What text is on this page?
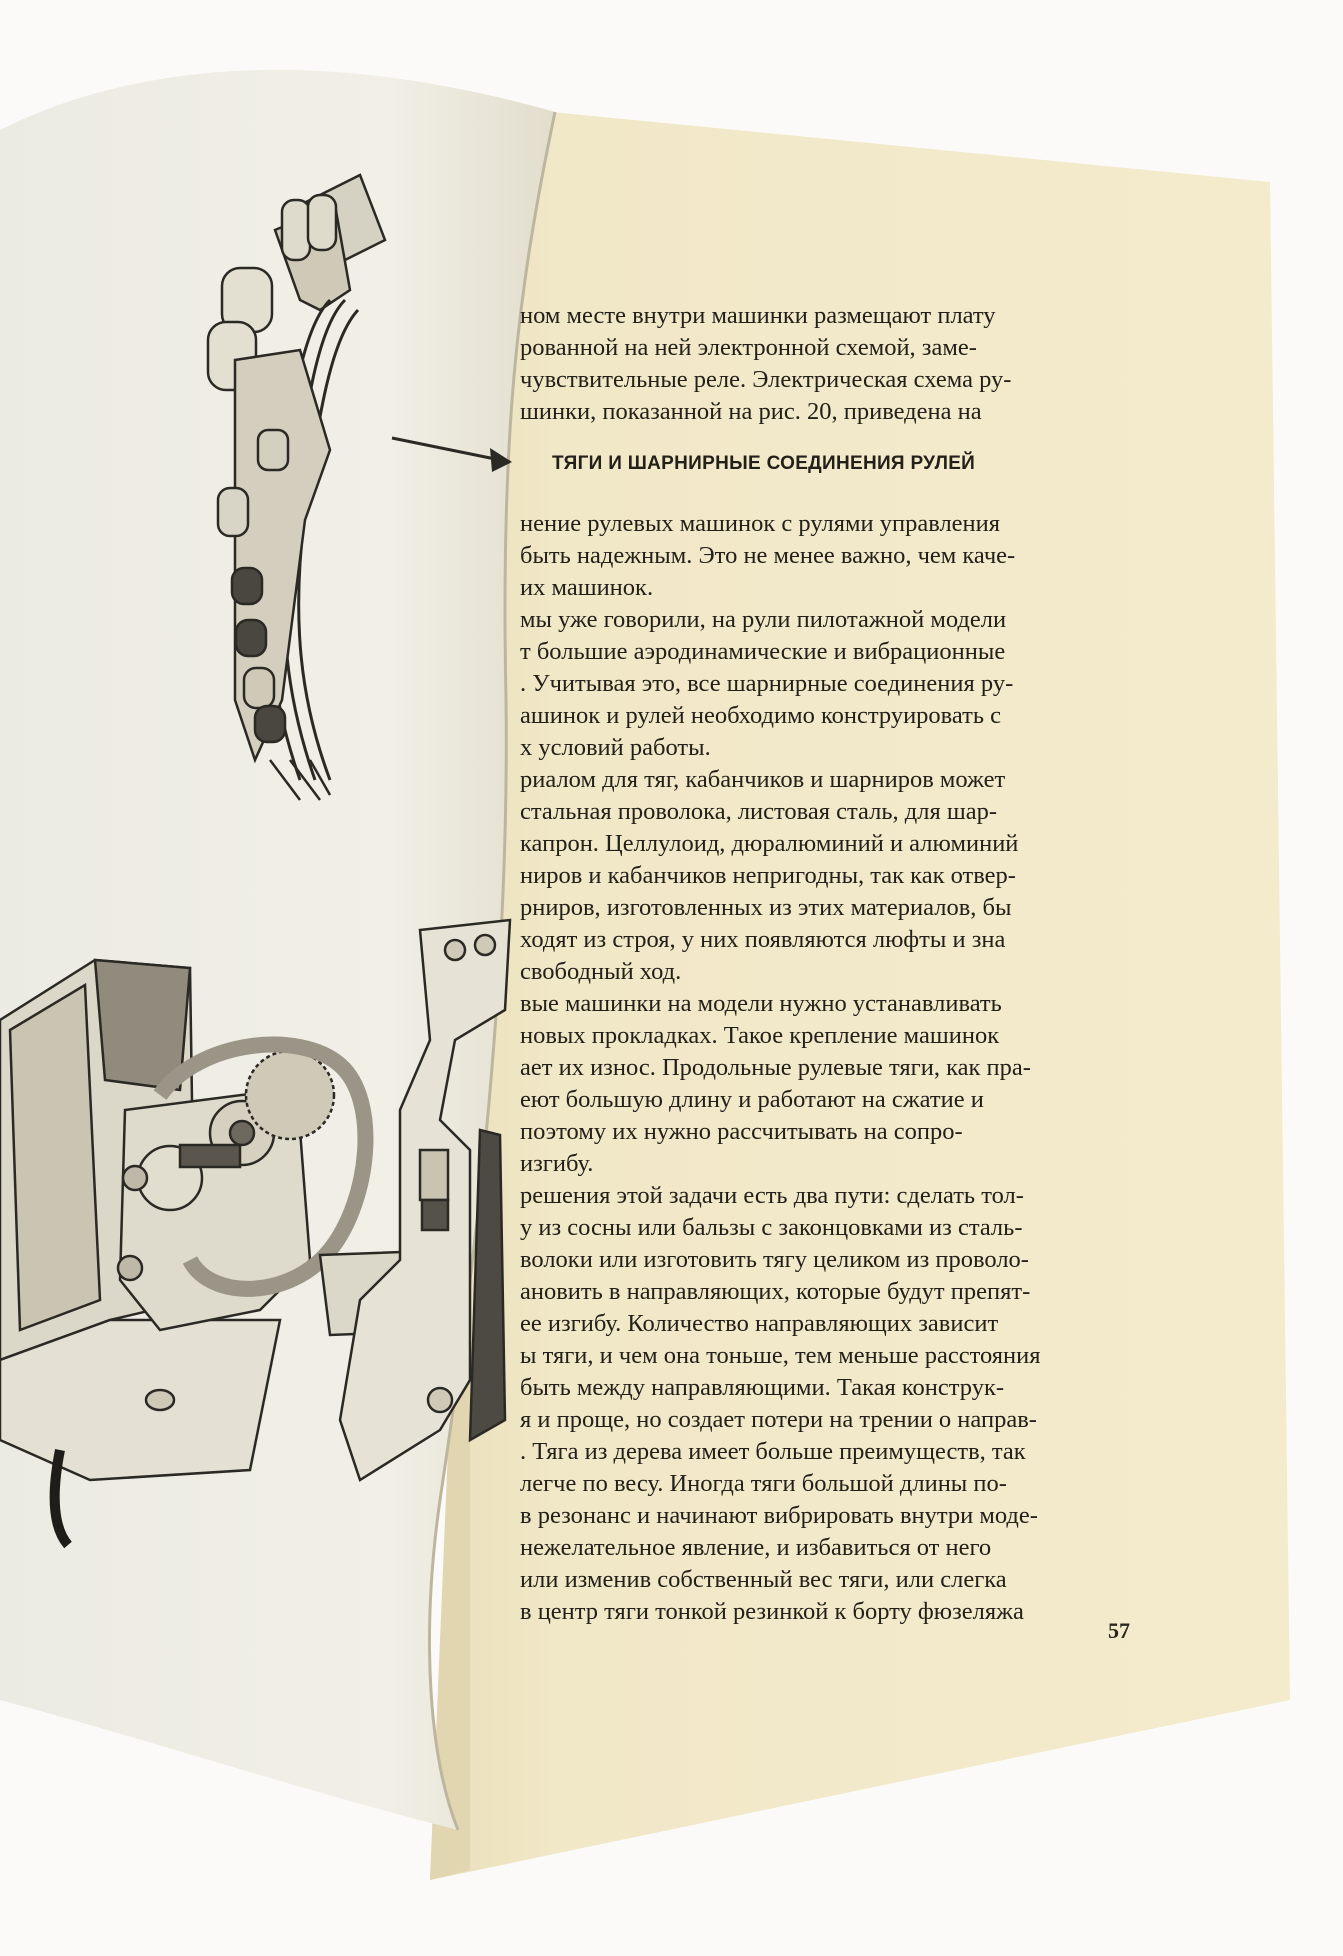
ном месте внутри машинки размещают плату
рованной на ней электронной схемой, заме-
чувствительные реле. Электрическая схема ру-
шинки, показанной на рис. 20, приведена на
ТЯГИ И ШАРНИРНЫЕ СОЕДИНЕНИЯ РУЛЕЙ
нение рулевых машинок с рулями управления
быть надежным. Это не менее важно, чем каче-
их машинок.
мы уже говорили, на рули пилотажной модели
т большие аэродинамические и вибрационные
. Учитывая это, все шарнирные соединения ру-
ашинок и рулей необходимо конструировать с
х условий работы.
риалом для тяг, кабанчиков и шарниров может
стальная проволока, листовая сталь, для шар-
капрон. Целлулоид, дюралюминий и алюминий
ниров и кабанчиков непригодны, так как отвер-
рниров, изготовленных из этих материалов, бы
ходят из строя, у них появляются люфты и зна
свободный ход.
вые машинки на модели нужно устанавливать
новых прокладках. Такое крепление машинок
ает их износ. Продольные рулевые тяги, как пра-
еют большую длину и работают на сжатие и
поэтому их нужно рассчитывать на сопро-
изгибу.
решения этой задачи есть два пути: сделать тол-
у из сосны или бальзы с законцовками из сталь-
волоки или изготовить тягу целиком из проволо-
ановить в направляющих, которые будут препят-
ее изгибу. Количество направляющих зависит
ы тяги, и чем она тоньше, тем меньше расстояния
быть между направляющими. Такая конструк-
я и проще, но создает потери на трении о направ-
. Тяга из дерева имеет больше преимуществ, так
легче по весу. Иногда тяги большой длины по-
в резонанс и начинают вибрировать внутри моде-
нежелательное явление, и избавиться от него
или изменив собственный вес тяги, или слегка
в центр тяги тонкой резинкой к борту фюзеляжа
57
